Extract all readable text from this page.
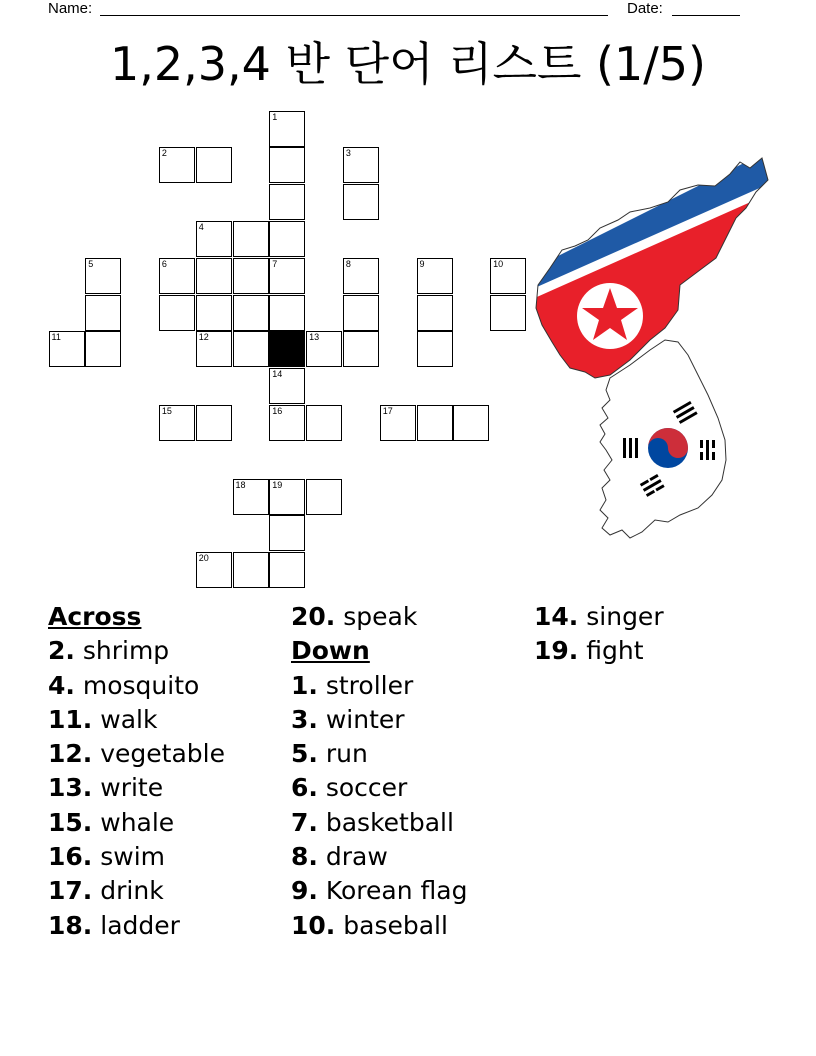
Name:	Date:
1,2,3,4 반 단어 리스트 (1/5)
1
2	3
4
5	6	7	8	9	10
11	12	13
14
15	16	17
18	19
20
Across
2. shrimp
4. mosquito
11. walk
12. vegetable
13. write
15. whale
16. swim
17. drink
18. ladder
20. speak
Down
1. stroller
3. winter
5. run
6. soccer
7. basketball
8. draw
9. Korean flag
10. baseball
14. singer
19. fight
